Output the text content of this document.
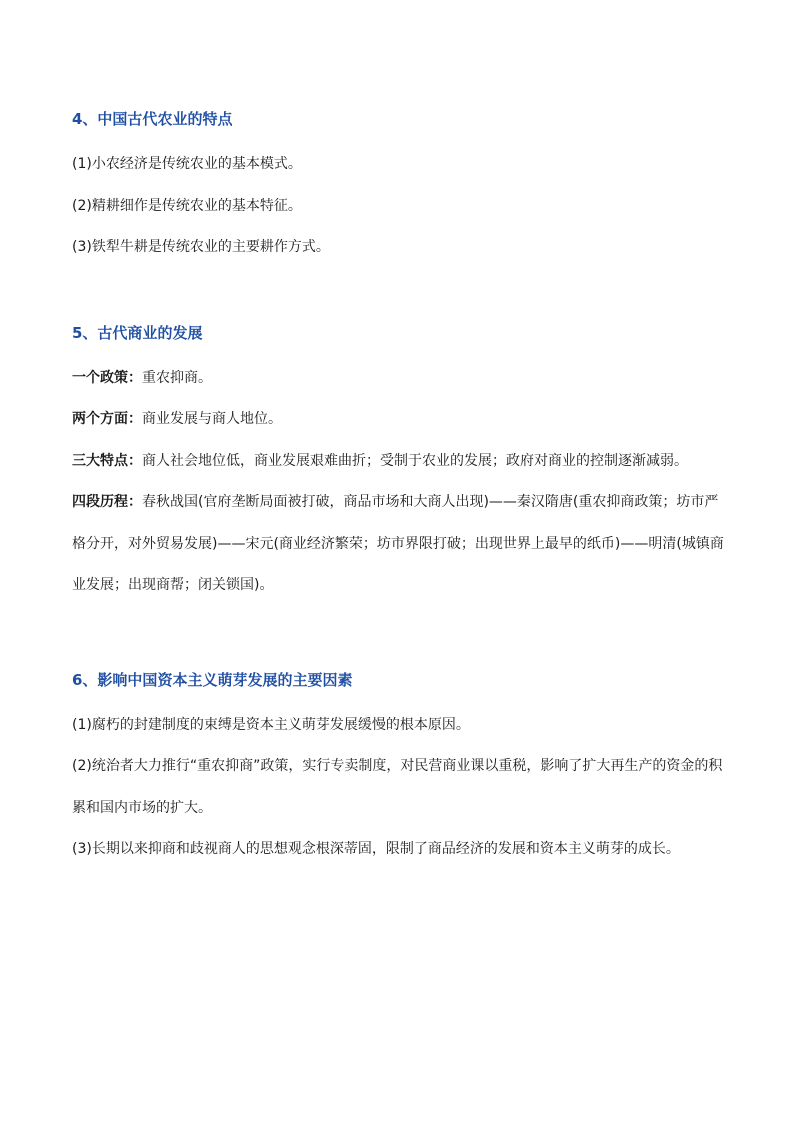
4、中国古代农业的特点

(1)小农经济是传统农业的基本模式。

(2)精耕细作是传统农业的基本特征。

(3)铁犁牛耕是传统农业的主要耕作方式。

5、古代商业的发展

一个政策：重农抑商。

两个方面：商业发展与商人地位。

三大特点：商人社会地位低，商业发展艰难曲折；受制于农业的发展；政府对商业的控制逐渐减弱。

四段历程：春秋战国(官府垄断局面被打破，商品市场和大商人出现)——秦汉隋唐(重农抑商政策；坊市严格分开，对外贸易发展)——宋元(商业经济繁荣；坊市界限打破；出现世界上最早的纸币)——明清(城镇商业发展；出现商帮；闭关锁国)。

6、影响中国资本主义萌芽发展的主要因素

(1)腐朽的封建制度的束缚是资本主义萌芽发展缓慢的根本原因。

(2)统治者大力推行“重农抑商”政策，实行专卖制度，对民营商业课以重税，影响了扩大再生产的资金的积累和国内市场的扩大。

(3)长期以来抑商和歧视商人的思想观念根深蒂固，限制了商品经济的发展和资本主义萌芽的成长。
